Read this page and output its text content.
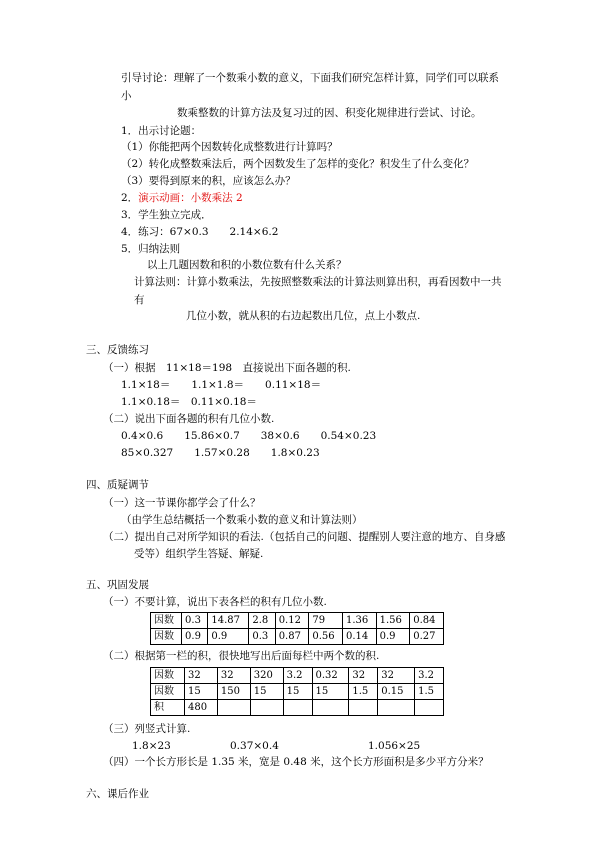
引导讨论：理解了一个数乘小数的意义，下面我们研究怎样计算，同学们可以联系
小
数乘整数的计算方法及复习过的因、积变化规律进行尝试、讨论。
1．出示讨论题：
（1）你能把两个因数转化成整数进行计算吗？
（2）转化成整数乘法后，两个因数发生了怎样的变化？积发生了什么变化？
（3）要得到原来的积，应该怎么办？
2．演示动画：小数乘法 2
3．学生独立完成．
4．练习：67×0.3　　2.14×6.2
5．归纳法则
以上几题因数和积的小数位数有什么关系？
计算法则：计算小数乘法，先按照整数乘法的计算法则算出积，再看因数中一共
有
几位小数，就从积的右边起数出几位，点上小数点.
三、反馈练习
（一）根据　11×18＝198　直接说出下面各题的积.
1.1×18＝　　1.1×1.8＝　　0.11×18＝
1.1×0.18＝　0.11×0.18＝
（二）说出下面各题的积有几位小数.
0.4×0.6　　15.86×0.7　　38×0.6　　0.54×0.23
85×0.327　　1.57×0.28　　1.8×0.23
四、质疑调节
（一）这一节课你都学会了什么？
（由学生总结概括一个数乘小数的意义和计算法则）
（二）提出自己对所学知识的看法.（包括自己的问题、提醒别人要注意的地方、自身感
受等）组织学生答疑、解疑.
五、巩固发展
（一）不要计算，说出下表各栏的积有几位小数.
因数	0.3	14.87	2.8	0.12	79	1.36	1.56	0.84
因数	0.9	0.9	0.3	0.87	0.56	0.14	0.9	0.27
（二）根据第一栏的积，很快地写出后面每栏中两个数的积.
因数	32	32	320	3.2	0.32	32	32	3.2
因数	15	150	15	15	15	1.5	0.15	1.5
积	480							
（三）列竖式计算.
1.8×23	0.37×0.4	1.056×25
（四）一个长方形长是 1.35 米，宽是 0.48 米，这个长方形面积是多少平方分米？
六、课后作业
